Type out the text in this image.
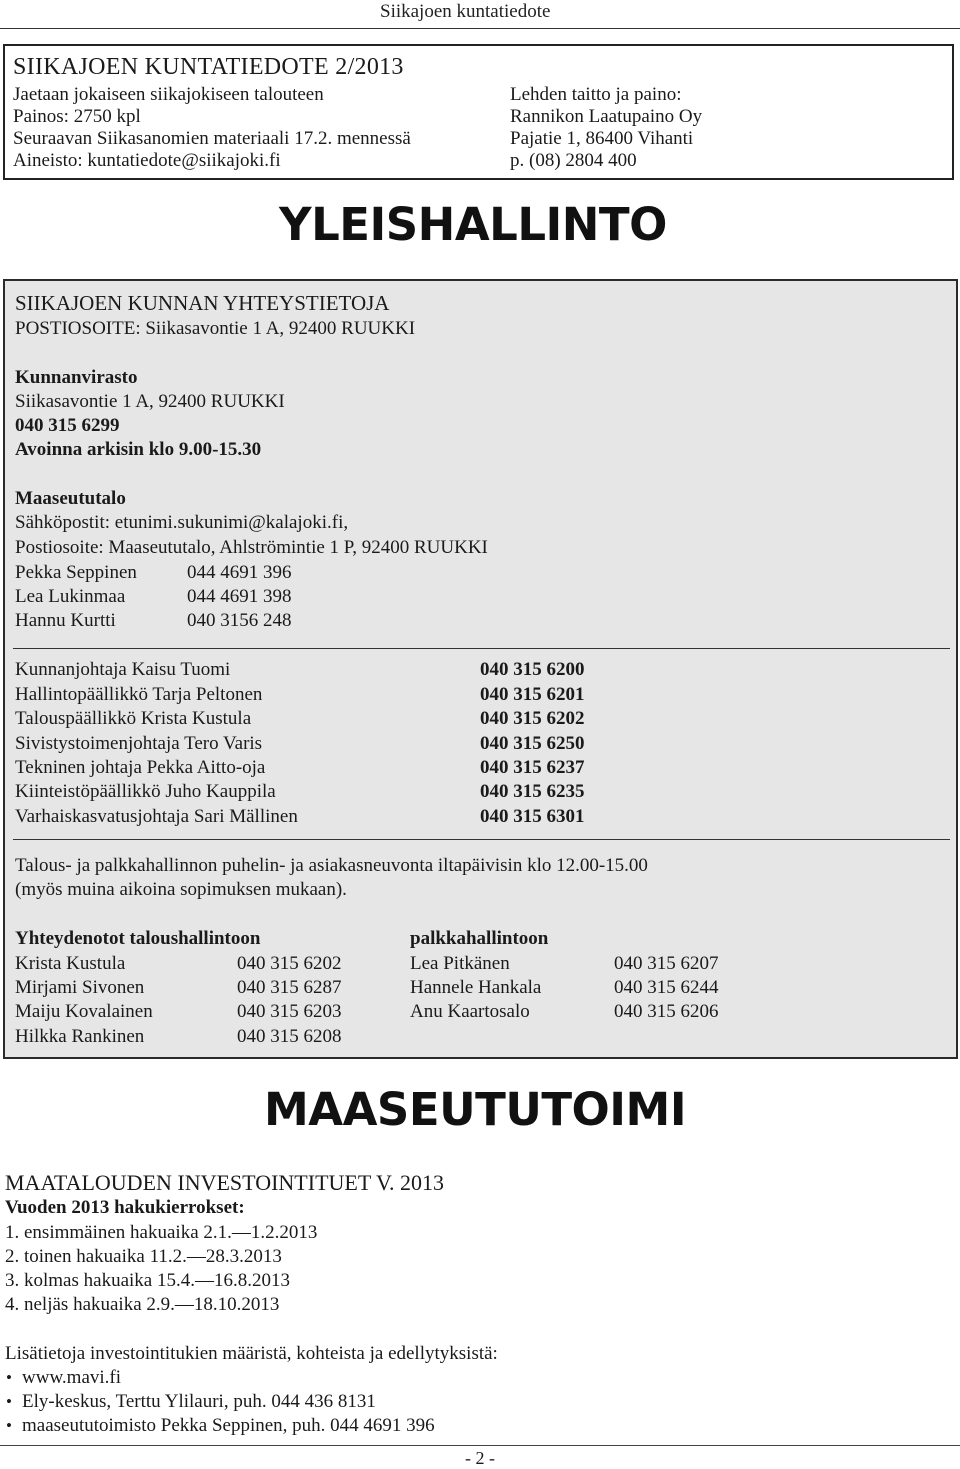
Siikajoen kuntatiedote
SIIKAJOEN KUNTATIEDOTE 2/2013
Jaetaan jokaiseen siikajokiseen talouteen
Painos: 2750 kpl
Seuraavan Siikasanomien materiaali 17.2. mennessä
Aineisto: kuntatiedote@siikajoki.fi
Lehden taitto ja paino:
Rannikon Laatupaino Oy
Pajatie 1, 86400 Vihanti
p. (08) 2804 400
YLEISHALLINTO
SIIKAJOEN KUNNAN YHTEYSTIETOJA
POSTIOSOITE: Siikasavontie 1 A, 92400 RUUKKI
Kunnanvirasto
Siikasavontie 1 A, 92400 RUUKKI
040 315 6299
Avoinna arkisin klo 9.00-15.30
Maaseututalo
Sähköpostit: etunimi.sukunimi@kalajoki.fi,
Postiosoite: Maaseututalo, Ahlströmintie 1 P, 92400 RUUKKI
Pekka Seppinen	044 4691 396
Lea Lukinmaa	044 4691 398
Hannu Kurtti	040 3156 248
Kunnanjohtaja Kaisu Tuomi	040 315 6200
Hallintopäällikkö Tarja Peltonen	040 315 6201
Talouspäällikkö Krista Kustula	040 315 6202
Sivistystoimenjohtaja Tero Varis	040 315 6250
Tekninen johtaja Pekka Aitto-oja	040 315 6237
Kiinteistöpäällikkö Juho Kauppila	040 315 6235
Varhaiskasvatusjohtaja Sari Mällinen	040 315 6301
Talous- ja palkkahallinnon puhelin- ja asiakasneuvonta iltapäivisin klo 12.00-15.00
(myös muina aikoina sopimuksen mukaan).
Yhteydenotot taloushallintoon
Krista Kustula	040 315 6202
Mirjami Sivonen	040 315 6287
Maiju Kovalainen	040 315 6203
Hilkka Rankinen	040 315 6208
palkkahallintoon
Lea Pitkänen	040 315 6207
Hannele Hankala	040 315 6244
Anu Kaartosalo	040 315 6206
MAASEUTUTOIMI
MAATALOUDEN INVESTOINTITUET V. 2013
Vuoden 2013 hakukierrokset:
1. ensimmäinen hakuaika 2.1.—1.2.2013
2. toinen hakuaika 11.2.—28.3.2013
3. kolmas hakuaika 15.4.—16.8.2013
4. neljäs hakuaika 2.9.—18.10.2013
Lisätietoja investointitukien määristä, kohteista ja edellytyksistä:
• www.mavi.fi
• Ely-keskus, Terttu Ylilauri, puh. 044 436 8131
• maaseututoimisto Pekka Seppinen, puh. 044 4691 396
- 2 -
